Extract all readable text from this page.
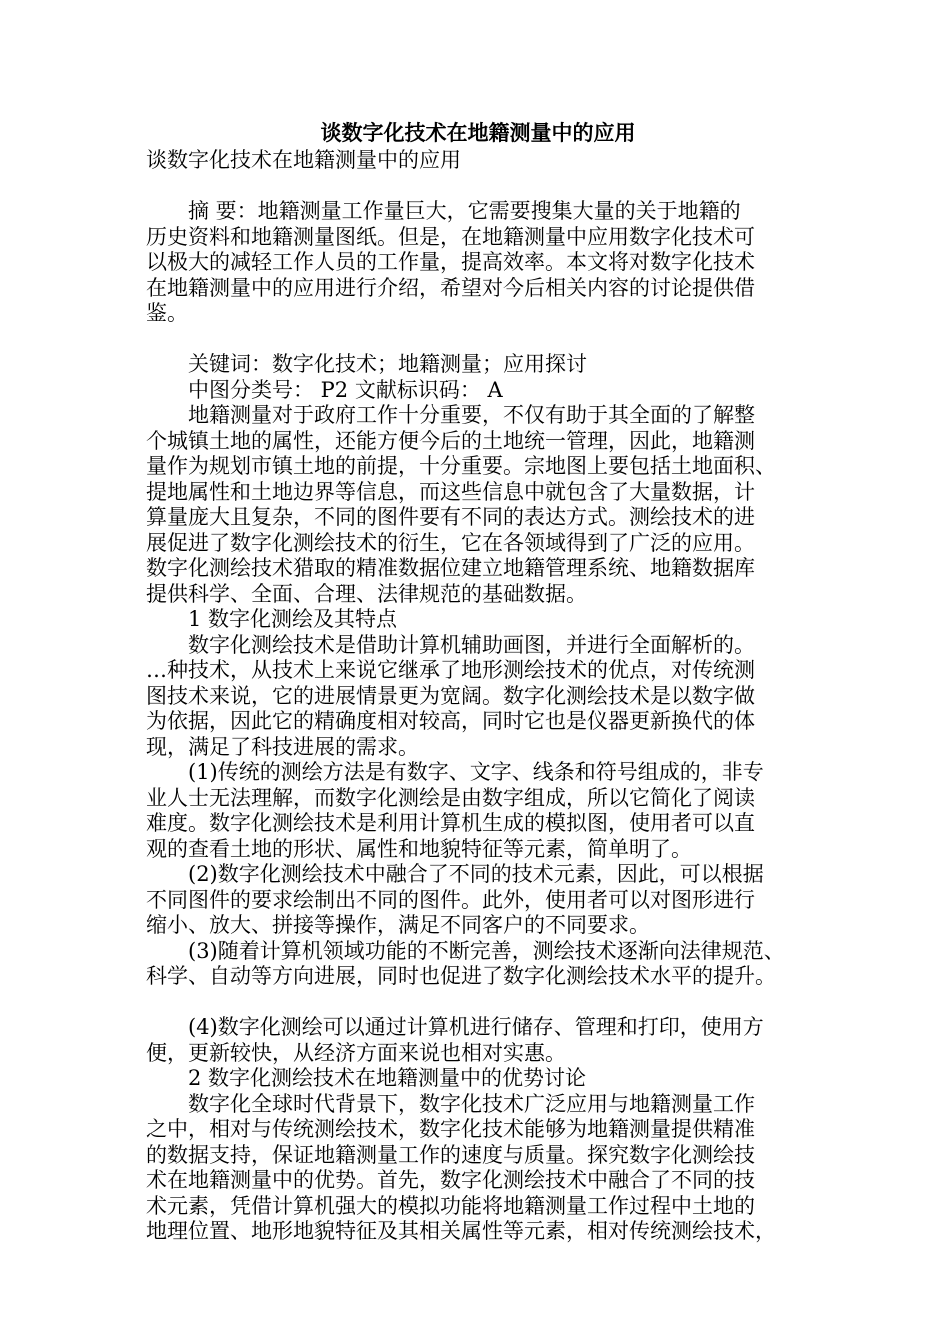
谈数字化技术在地籍测量中的应用
谈数字化技术在地籍测量中的应用
　　摘 要：地籍测量工作量巨大，它需要搜集大量的关于地籍的
历史资料和地籍测量图纸。但是，在地籍测量中应用数字化技术可
以极大的减轻工作人员的工作量，提高效率。本文将对数字化技术
在地籍测量中的应用进行介绍，希望对今后相关内容的讨论提供借
鉴。
　　关键词：数字化技术；地籍测量；应用探讨
　　中图分类号： P2 文献标识码： A
　　地籍测量对于政府工作十分重要，不仅有助于其全面的了解整
个城镇土地的属性，还能方便今后的土地统一管理，因此，地籍测
量作为规划市镇土地的前提，十分重要。宗地图上要包括土地面积、
提地属性和土地边界等信息，而这些信息中就包含了大量数据，计
算量庞大且复杂，不同的图件要有不同的表达方式。测绘技术的进
展促进了数字化测绘技术的衍生，它在各领域得到了广泛的应用。
数字化测绘技术猎取的精准数据位建立地籍管理系统、地籍数据库
提供科学、全面、合理、法律规范的基础数据。
　　1 数字化测绘及其特点
　　数字化测绘技术是借助计算机辅助画图，并进行全面解析的。
…种技术，从技术上来说它继承了地形测绘技术的优点，对传统测
图技术来说，它的进展情景更为宽阔。数字化测绘技术是以数字做
为依据，因此它的精确度相对较高，同时它也是仪器更新换代的体
现，满足了科技进展的需求。
　　(1)传统的测绘方法是有数字、文字、线条和符号组成的，非专
业人士无法理解，而数字化测绘是由数字组成，所以它简化了阅读
难度。数字化测绘技术是利用计算机生成的模拟图，使用者可以直
观的查看土地的形状、属性和地貌特征等元素，简单明了。
　　(2)数字化测绘技术中融合了不同的技术元素，因此，可以根据
不同图件的要求绘制出不同的图件。此外，使用者可以对图形进行
缩小、放大、拼接等操作，满足不同客户的不同要求。
　　(3)随着计算机领域功能的不断完善，测绘技术逐渐向法律规范、
科学、自动等方向进展，同时也促进了数字化测绘技术水平的提升。
　　(4)数字化测绘可以通过计算机进行储存、管理和打印，使用方
便，更新较快，从经济方面来说也相对实惠。
　　2 数字化测绘技术在地籍测量中的优势讨论
　　数字化全球时代背景下，数字化技术广泛应用与地籍测量工作
之中，相对与传统测绘技术，数字化技术能够为地籍测量提供精准
的数据支持，保证地籍测量工作的速度与质量。探究数字化测绘技
术在地籍测量中的优势。首先，数字化测绘技术中融合了不同的技
术元素，凭借计算机强大的模拟功能将地籍测量工作过程中土地的
地理位置、地形地貌特征及其相关属性等元素，相对传统测绘技术，
